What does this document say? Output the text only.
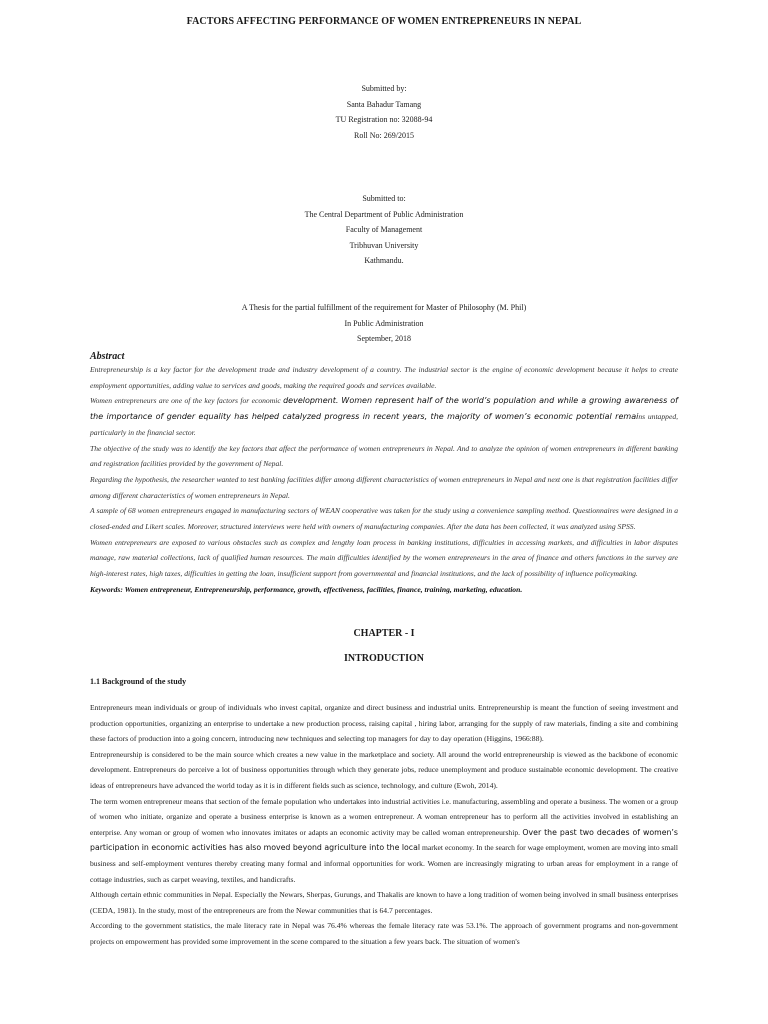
FACTORS AFFECTING PERFORMANCE OF WOMEN ENTREPRENEURS IN NEPAL
Submitted by:
Santa Bahadur Tamang
TU Registration no: 32088-94
Roll No: 269/2015
Submitted to:
The Central Department of Public Administration
Faculty of Management
Tribhuvan University
Kathmandu.
A Thesis for the partial fulfillment of the requirement for Master of Philosophy (M. Phil)
In Public Administration
September, 2018
Abstract

Entrepreneurship is a key factor for the development trade and industry development of a country. The industrial sector is the engine of economic development because it helps to create employment opportunities, adding value to services and goods, making the required goods and services available.

Women entrepreneurs are one of the key factors for economic development. Women represent half of the world’s population and while a growing awareness of the importance of gender equality has helped catalyzed progress in recent years, the majority of women’s economic potential remains untapped, particularly in the financial sector.

The objective of the study was to identify the key factors that affect the performance of women entrepreneurs in Nepal. And to analyze the opinion of women entrepreneurs in different banking and registration facilities provided by the government of Nepal.

Regarding the hypothesis, the researcher wanted to test banking facilities differ among different characteristics of women entrepreneurs in Nepal and next one is that registration facilities differ among different characteristics of women entrepreneurs in Nepal.

A sample of 68 women entrepreneurs engaged in manufacturing sectors of WEAN cooperative was taken for the study using a convenience sampling method. Questionnaires were designed in a closed-ended and Likert scales. Moreover, structured interviews were held with owners of manufacturing companies. After the data has been collected, it was analyzed using SPSS.

Women entrepreneurs are exposed to various obstacles such as complex and lengthy loan process in banking institutions, difficulties in accessing markets, and difficulties in labor disputes manage, raw material collections, lack of qualified human resources. The main difficulties identified by the women entrepreneurs in the area of finance and others functions in the survey are high-interest rates, high taxes, difficulties in getting the loan, insufficient support from governmental and financial institutions, and the lack of possibility of influence policymaking.

Keywords: Women entrepreneur, Entrepreneurship, performance, growth, effectiveness, facilities, finance, training, marketing, education.

CHAPTER - I
INTRODUCTION
1.1 Background of the study

Entrepreneurs mean individuals or group of individuals who invest capital, organize and direct business and industrial units. Entrepreneurship is meant the function of seeing investment and production opportunities, organizing an enterprise to undertake a new production process, raising capital , hiring labor, arranging for the supply of raw materials, finding a site and combining these factors of production into a going concern, introducing new techniques and selecting top managers for day to day operation (Higgins, 1966:88).

Entrepreneurship is considered to be the main source which creates a new value in the marketplace and society. All around the world entrepreneurship is viewed as the backbone of economic development. Entrepreneurs do perceive a lot of business opportunities through which they generate jobs, reduce unemployment and produce sustainable economic development. The creative ideas of entrepreneurs have advanced the world today as it is in different fields such as science, technology, and culture (Ewoh, 2014).

The term women entrepreneur means that section of the female population who undertakes into industrial activities i.e. manufacturing, assembling and operate a business. The women or a group of women who initiate, organize and operate a business enterprise is known as a women entrepreneur. A woman entrepreneur has to perform all the activities involved in establishing an enterprise. Any woman or group of women who innovates imitates or adapts an economic activity may be called woman entrepreneurship. Over the past two decades of women’s participation in economic activities has also moved beyond agriculture into the local market economy. In the search for wage employment, women are moving into small business and self-employment ventures thereby creating many formal and informal opportunities for work. Women are increasingly migrating to urban areas for employment in a range of cottage industries, such as carpet weaving, textiles, and handicrafts.

Although certain ethnic communities in Nepal. Especially the Newars, Sherpas, Gurungs, and Thakalis are known to have a long tradition of women being involved in small business enterprises (CEDA, 1981). In the study, most of the entrepreneurs are from the Newar communities that is 64.7 percentages.

According to the government statistics, the male literacy rate in Nepal was 76.4% whereas the female literacy rate was 53.1%. The approach of government programs and non-government projects on empowerment has provided some improvement in the scene compared to the situation a few years back. The situation of women's
